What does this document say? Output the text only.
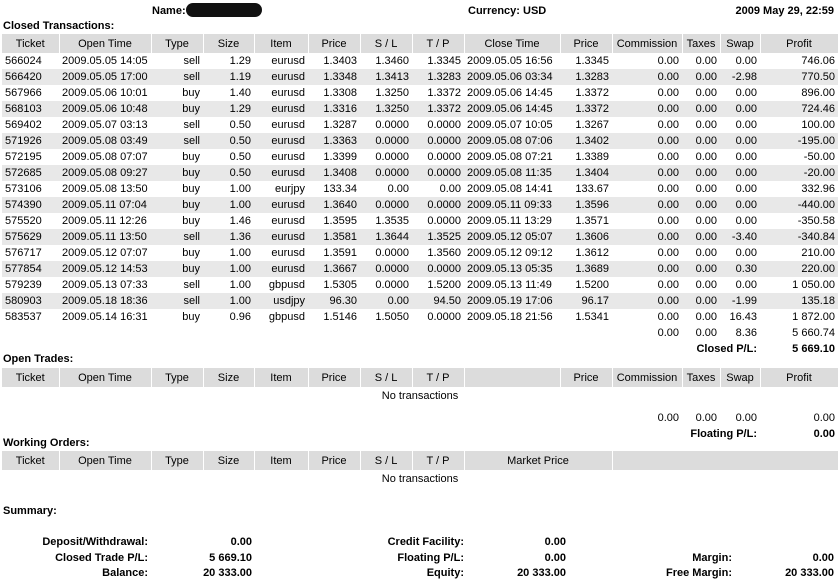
Name:	Currency: USD	2009 May 29, 22:59
Closed Transactions:
Ticket	Open Time	Type	Size	Item	Price	S / L	T / P	Close Time	Price	Commission	Taxes	Swap	Profit
566024	2009.05.05 14:05	sell	1.29	eurusd	1.3403	1.3460	1.3345	2009.05.05 16:56	1.3345	0.00	0.00	0.00	746.06
566420	2009.05.05 17:00	sell	1.19	eurusd	1.3348	1.3413	1.3283	2009.05.06 03:34	1.3283	0.00	0.00	-2.98	770.50
567966	2009.05.06 10:01	buy	1.40	eurusd	1.3308	1.3250	1.3372	2009.05.06 14:45	1.3372	0.00	0.00	0.00	896.00
568103	2009.05.06 10:48	buy	1.29	eurusd	1.3316	1.3250	1.3372	2009.05.06 14:45	1.3372	0.00	0.00	0.00	724.46
569402	2009.05.07 03:13	sell	0.50	eurusd	1.3287	0.0000	0.0000	2009.05.07 10:05	1.3267	0.00	0.00	0.00	100.00
571926	2009.05.08 03:49	sell	0.50	eurusd	1.3363	0.0000	0.0000	2009.05.08 07:06	1.3402	0.00	0.00	0.00	-195.00
572195	2009.05.08 07:07	buy	0.50	eurusd	1.3399	0.0000	0.0000	2009.05.08 07:21	1.3389	0.00	0.00	0.00	-50.00
572685	2009.05.08 09:27	buy	0.50	eurusd	1.3408	0.0000	0.0000	2009.05.08 11:35	1.3404	0.00	0.00	0.00	-20.00
573106	2009.05.08 13:50	buy	1.00	eurjpy	133.34	0.00	0.00	2009.05.08 14:41	133.67	0.00	0.00	0.00	332.96
574390	2009.05.11 07:04	buy	1.00	eurusd	1.3640	0.0000	0.0000	2009.05.11 09:33	1.3596	0.00	0.00	0.00	-440.00
575520	2009.05.11 12:26	buy	1.46	eurusd	1.3595	1.3535	0.0000	2009.05.11 13:29	1.3571	0.00	0.00	0.00	-350.58
575629	2009.05.11 13:50	sell	1.36	eurusd	1.3581	1.3644	1.3525	2009.05.12 05:07	1.3606	0.00	0.00	-3.40	-340.84
576717	2009.05.12 07:07	buy	1.00	eurusd	1.3591	0.0000	1.3560	2009.05.12 09:12	1.3612	0.00	0.00	0.00	210.00
577854	2009.05.12 14:53	buy	1.00	eurusd	1.3667	0.0000	0.0000	2009.05.13 05:35	1.3689	0.00	0.00	0.30	220.00
579239	2009.05.13 07:33	sell	1.00	gbpusd	1.5305	0.0000	1.5200	2009.05.13 11:49	1.5200	0.00	0.00	0.00	1 050.00
580903	2009.05.18 18:36	sell	1.00	usdjpy	96.30	0.00	94.50	2009.05.19 17:06	96.17	0.00	0.00	-1.99	135.18
583537	2009.05.14 16:31	buy	0.96	gbpusd	1.5146	1.5050	0.0000	2009.05.18 21:56	1.5341	0.00	0.00	16.43	1 872.00
										0.00	0.00	8.36	5 660.74
										Closed P/L:			5 669.10
Open Trades:
Ticket	Open Time	Type	Size	Item	Price	S / L	T / P		Price	Commission	Taxes	Swap	Profit
No transactions													

										0.00	0.00	0.00	0.00
										Floating P/L:			0.00
Working Orders:
Ticket	Open Time	Type	Size	Item	Price	S / L	T / P	Market Price	
No transactions
Summary:
Deposit/Withdrawal:	0.00
Closed Trade P/L:	5 669.10
Balance:	20 333.00
Credit Facility:	0.00
Floating P/L:	0.00
Equity:	20 333.00
Margin:	0.00
Free Margin:	20 333.00
